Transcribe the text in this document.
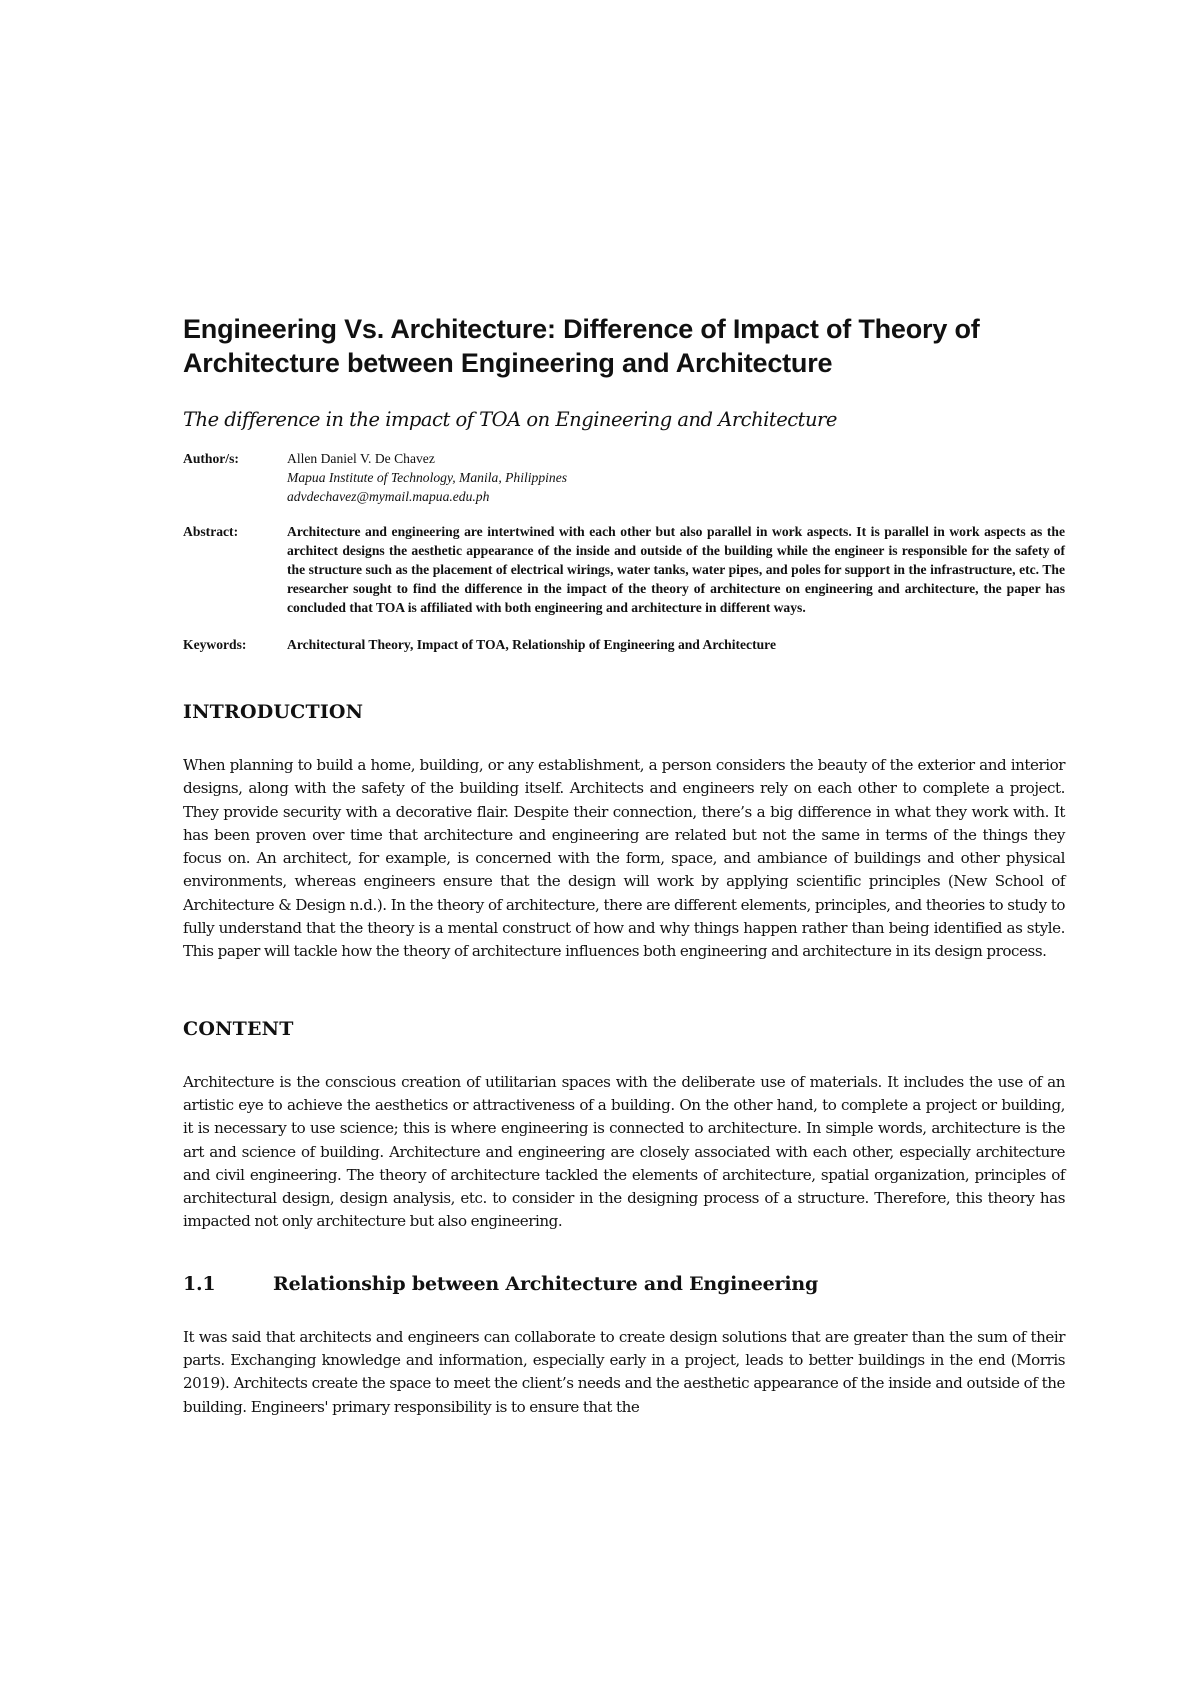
Engineering Vs. Architecture: Difference of Impact of Theory of Architecture between Engineering and Architecture
The difference in the impact of TOA on Engineering and Architecture
Author/s:	Allen Daniel V. De Chavez
Mapua Institute of Technology, Manila, Philippines
advdechavez@mymail.mapua.edu.ph
Abstract:	Architecture and engineering are intertwined with each other but also parallel in work aspects. It is parallel in work aspects as the architect designs the aesthetic appearance of the inside and outside of the building while the engineer is responsible for the safety of the structure such as the placement of electrical wirings, water tanks, water pipes, and poles for support in the infrastructure, etc. The researcher sought to find the difference in the impact of the theory of architecture on engineering and architecture, the paper has concluded that TOA is affiliated with both engineering and architecture in different ways.
Keywords:	Architectural Theory, Impact of TOA, Relationship of Engineering and Architecture
INTRODUCTION

When planning to build a home, building, or any establishment, a person considers the beauty of the exterior and interior designs, along with the safety of the building itself. Architects and engineers rely on each other to complete a project. They provide security with a decorative flair. Despite their connection, there’s a big difference in what they work with. It has been proven over time that architecture and engineering are related but not the same in terms of the things they focus on. An architect, for example, is concerned with the form, space, and ambiance of buildings and other physical environments, whereas engineers ensure that the design will work by applying scientific principles (New School of Architecture & Design n.d.). In the theory of architecture, there are different elements, principles, and theories to study to fully understand that the theory is a mental construct of how and why things happen rather than being identified as style. This paper will tackle how the theory of architecture influences both engineering and architecture in its design process.

CONTENT

Architecture is the conscious creation of utilitarian spaces with the deliberate use of materials. It includes the use of an artistic eye to achieve the aesthetics or attractiveness of a building. On the other hand, to complete a project or building, it is necessary to use science; this is where engineering is connected to architecture. In simple words, architecture is the art and science of building. Architecture and engineering are closely associated with each other, especially architecture and civil engineering. The theory of architecture tackled the elements of architecture, spatial organization, principles of architectural design, design analysis, etc. to consider in the designing process of a structure. Therefore, this theory has impacted not only architecture but also engineering.

1.1	Relationship between Architecture and Engineering

It was said that architects and engineers can collaborate to create design solutions that are greater than the sum of their parts. Exchanging knowledge and information, especially early in a project, leads to better buildings in the end (Morris 2019). Architects create the space to meet the client’s needs and the aesthetic appearance of the inside and outside of the building. Engineers' primary responsibility is to ensure that the
